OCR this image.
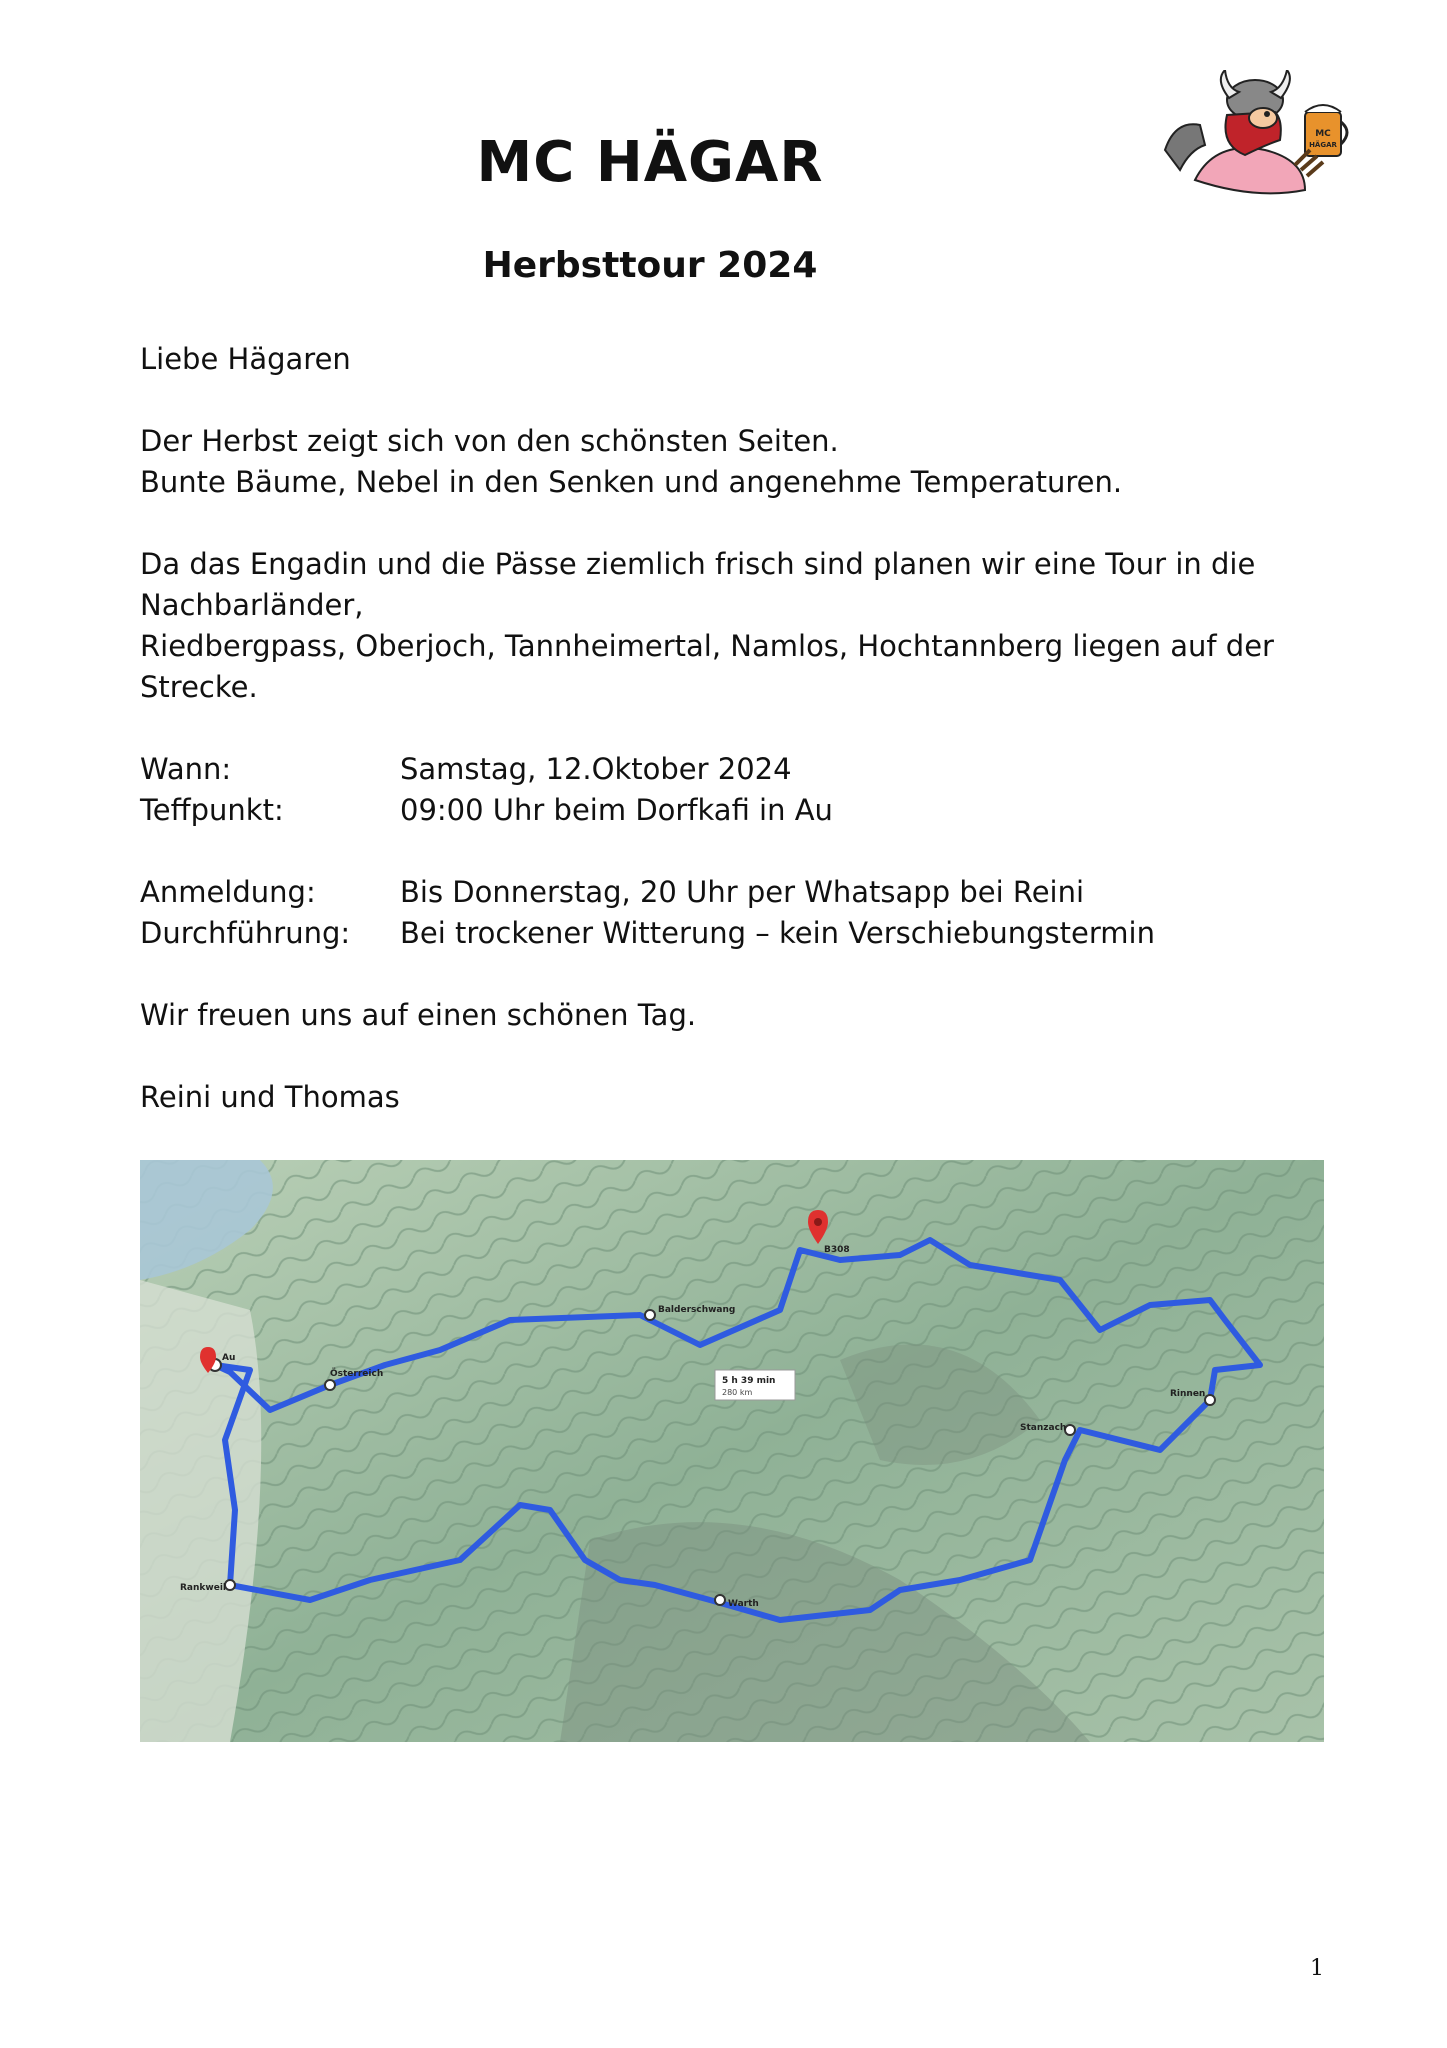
MC HÄGAR
Herbsttour 2024
MC
HÄGAR
Liebe Hägaren
Der Herbst zeigt sich von den schönsten Seiten.
Bunte Bäume, Nebel in den Senken und angenehme Temperaturen.
Da das Engadin und die Pässe ziemlich frisch sind planen wir eine Tour in die
Nachbarländer,
Riedbergpass, Oberjoch, Tannheimertal, Namlos, Hochtannberg liegen auf der
Strecke.
Wann:	Samstag, 12.Oktober 2024
Teffpunkt:	09:00 Uhr beim Dorfkafi in Au
Anmeldung:	Bis Donnerstag, 20 Uhr per Whatsapp bei Reini
Durchführung: Bei trockener Witterung – kein Verschiebungstermin
Wir freuen uns auf einen schönen Tag.
Reini und Thomas
Au
Österreich
Balderschwang
B308
Stanzach
Rinnen
Warth
Rankweil
5 h 39 min
280 km
1
